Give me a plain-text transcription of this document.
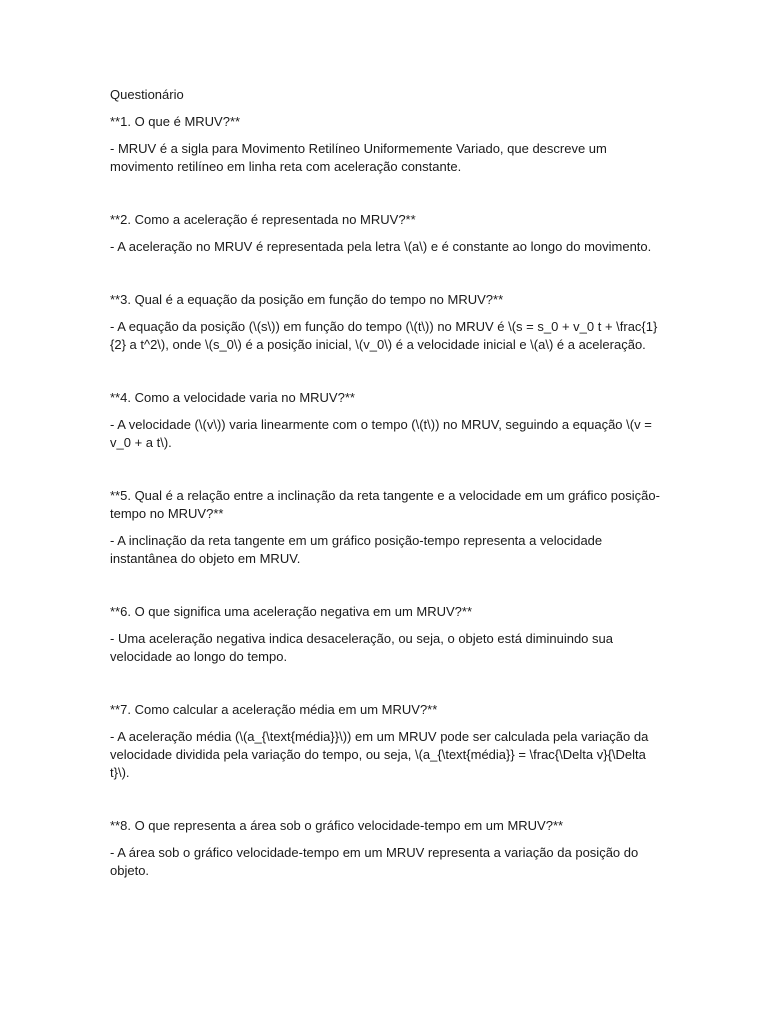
Questionário

**1. O que é MRUV?**

- MRUV é a sigla para Movimento Retilíneo Uniformemente Variado, que descreve um movimento retilíneo em linha reta com aceleração constante.

**2. Como a aceleração é representada no MRUV?**

- A aceleração no MRUV é representada pela letra \(a\) e é constante ao longo do movimento.

**3. Qual é a equação da posição em função do tempo no MRUV?**

- A equação da posição (\(s\)) em função do tempo (\(t\)) no MRUV é \(s = s_0 + v_0 t + \frac{1}{2} a t^2\), onde \(s_0\) é a posição inicial, \(v_0\) é a velocidade inicial e \(a\) é a aceleração.

**4. Como a velocidade varia no MRUV?**

- A velocidade (\(v\)) varia linearmente com o tempo (\(t\)) no MRUV, seguindo a equação \(v = v_0 + a t\).

**5. Qual é a relação entre a inclinação da reta tangente e a velocidade em um gráfico posição-tempo no MRUV?**

- A inclinação da reta tangente em um gráfico posição-tempo representa a velocidade instantânea do objeto em MRUV.

**6. O que significa uma aceleração negativa em um MRUV?**

- Uma aceleração negativa indica desaceleração, ou seja, o objeto está diminuindo sua velocidade ao longo do tempo.

**7. Como calcular a aceleração média em um MRUV?**

- A aceleração média (\(a_{\text{média}}\)) em um MRUV pode ser calculada pela variação da velocidade dividida pela variação do tempo, ou seja, \(a_{\text{média}} = \frac{\Delta v}{\Delta t}\).

**8. O que representa a área sob o gráfico velocidade-tempo em um MRUV?**

- A área sob o gráfico velocidade-tempo em um MRUV representa a variação da posição do objeto.
